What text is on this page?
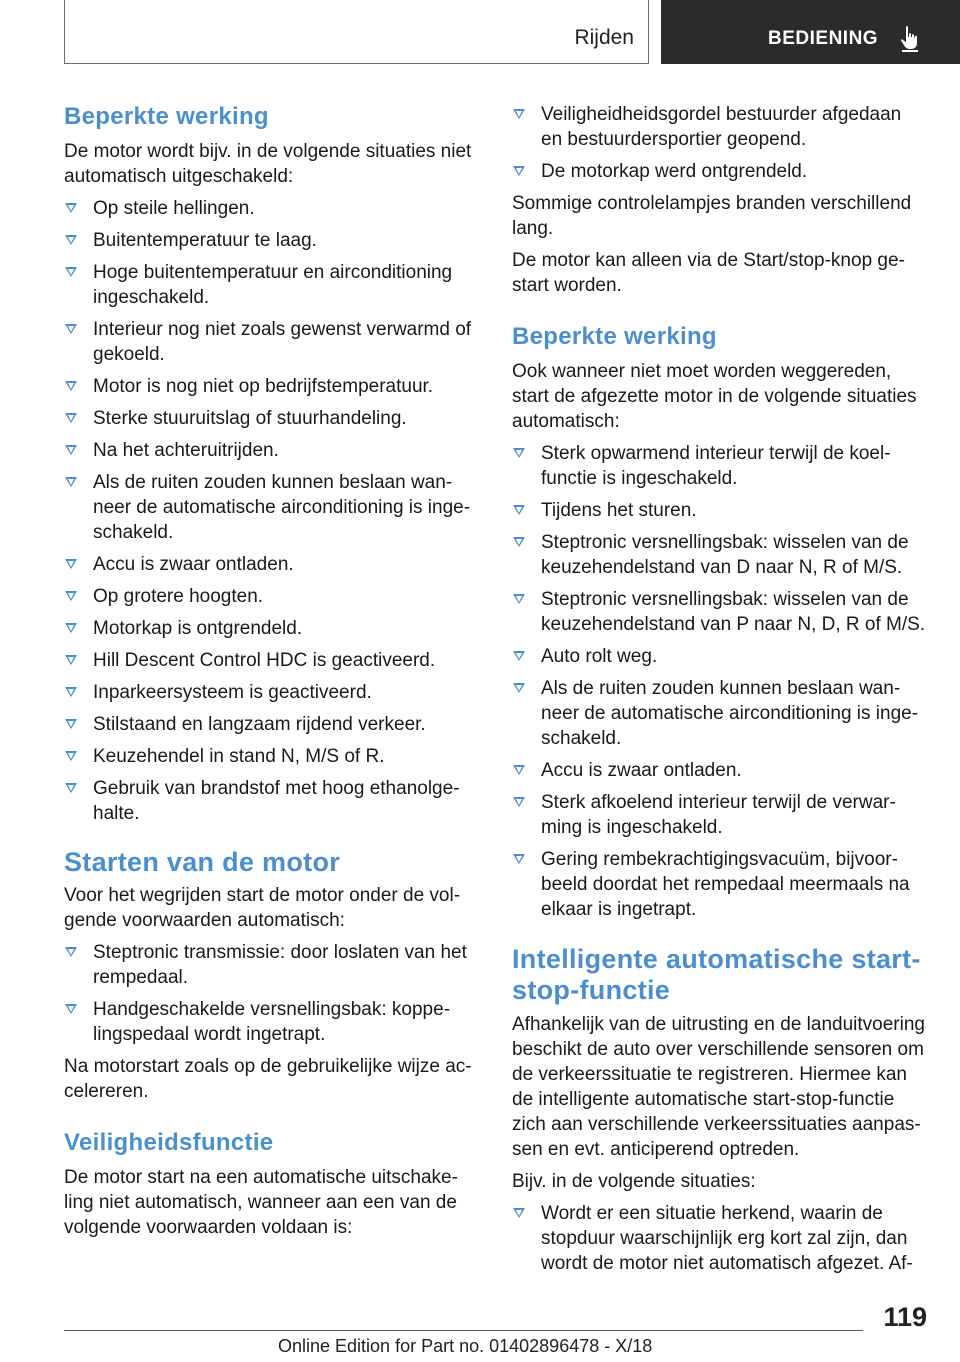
Rijden	BEDIENING
Beperkte werking

De motor wordt bijv. in de volgende situaties niet automatisch uitgeschakeld:

Op steile hellingen.
Buitentemperatuur te laag.
Hoge buitentemperatuur en airconditioning ingeschakeld.
Interieur nog niet zoals gewenst verwarmd of gekoeld.
Motor is nog niet op bedrijfstemperatuur.
Sterke stuuruitslag of stuurhandeling.
Na het achteruitrijden.
Als de ruiten zouden kunnen beslaan wanneer de automatische airconditioning is ingeschakeld.
Accu is zwaar ontladen.
Op grotere hoogten.
Motorkap is ontgrendeld.
Hill Descent Control HDC is geactiveerd.
Inparkeersysteem is geactiveerd.
Stilstaand en langzaam rijdend verkeer.
Keuzehendel in stand N, M/S of R.
Gebruik van brandstof met hoog ethanolgehalte.
Starten van de motor

Voor het wegrijden start de motor onder de volgende voorwaarden automatisch:

Steptronic transmissie: door loslaten van het rempedaal.
Handgeschakelde versnellingsbak: koppelingspedaal wordt ingetrapt.

Na motorstart zoals op de gebruikelijke wijze accelereren.

Veiligheidsfunctie

De motor start na een automatische uitschakeling niet automatisch, wanneer aan een van de volgende voorwaarden voldaan is:

Veiligheidheidsgordel bestuurder afgedaan en bestuurdersportier geopend.
De motorkap werd ontgrendeld.

Sommige controlelampjes branden verschillend lang.

De motor kan alleen via de Start/stop-knop gestart worden.

Beperkte werking

Ook wanneer niet moet worden weggereden, start de afgezette motor in de volgende situaties automatisch:

Sterk opwarmend interieur terwijl de koelfunctie is ingeschakeld.
Tijdens het sturen.
Steptronic versnellingsbak: wisselen van de keuzehendelstand van D naar N, R of M/S.
Steptronic versnellingsbak: wisselen van de keuzehendelstand van P naar N, D, R of M/S.
Auto rolt weg.
Als de ruiten zouden kunnen beslaan wanneer de automatische airconditioning is ingeschakeld.
Accu is zwaar ontladen.
Sterk afkoelend interieur terwijl de verwarming is ingeschakeld.
Gering rembekrachtigingsvacuüm, bijvoorbeeld doordat het rempedaal meermaals na elkaar is ingetrapt.
Intelligente automatische start-stop-functie

Afhankelijk van de uitrusting en de landuitvoering beschikt de auto over verschillende sensoren om de verkeerssituatie te registreren. Hiermee kan de intelligente automatische start-stop-functie zich aan verschillende verkeerssituaties aanpassen en evt. anticiperend optreden.

Bijv. in de volgende situaties:

Wordt er een situatie herkend, waarin de stopduur waarschijnlijk erg kort zal zijn, dan wordt de motor niet automatisch afgezet. Af-
119
Online Edition for Part no. 01402896478 - X/18
